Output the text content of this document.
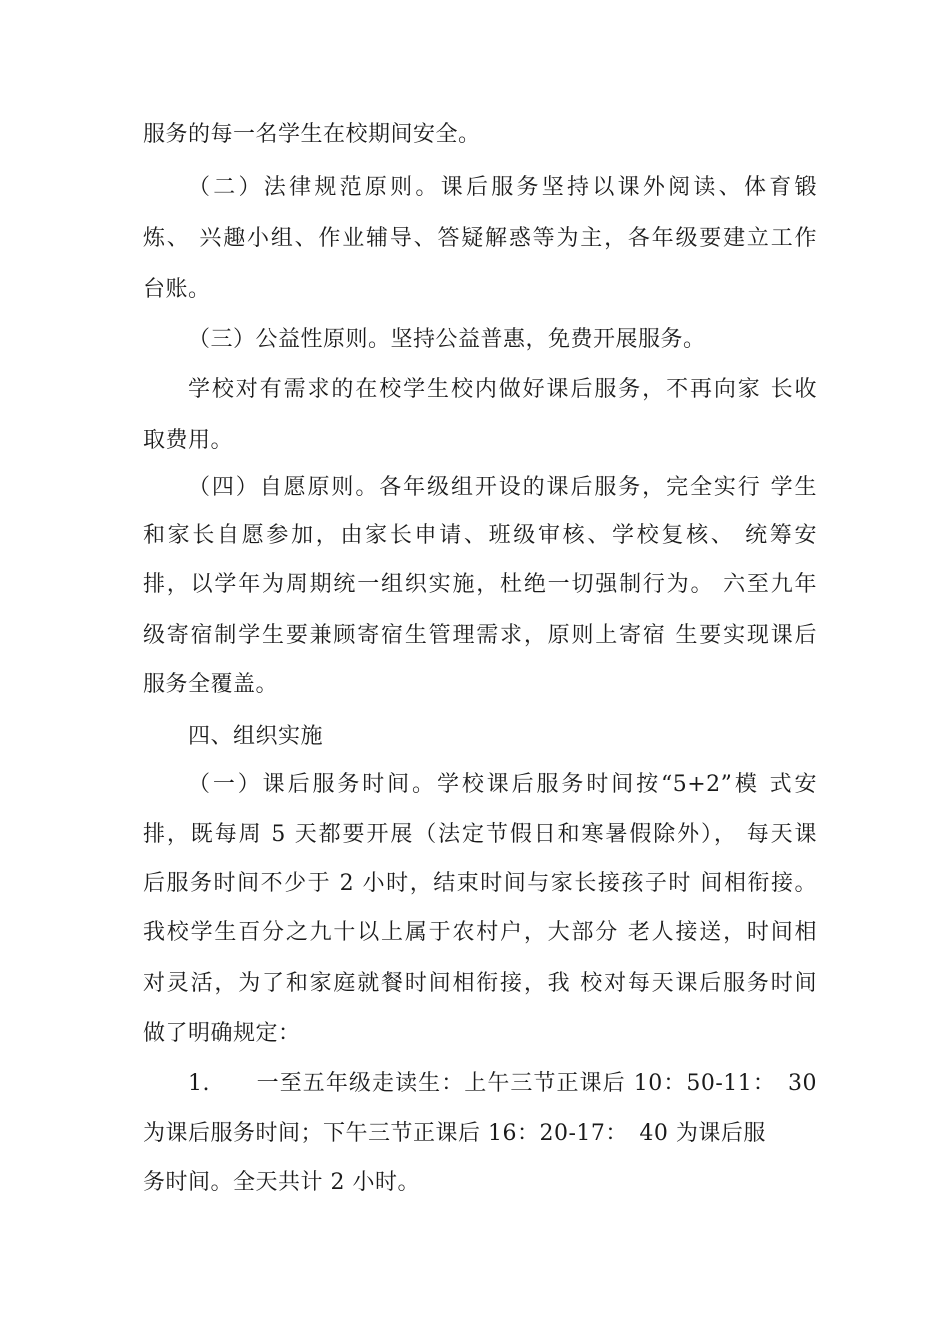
服务的每一名学生在校期间安全。
（二）法律规范原则。课后服务坚持以课外阅读、体育锻
炼、 兴趣小组、作业辅导、答疑解惑等为主，各年级要建立工作
台账。
（三）公益性原则。坚持公益普惠，免费开展服务。
学校对有需求的在校学生校内做好课后服务，不再向家 长收
取费用。
（四）自愿原则。各年级组开设的课后服务，完全实行 学生
和家长自愿参加，由家长申请、班级审核、学校复核、 统筹安
排，以学年为周期统一组织实施，杜绝一切强制行为。 六至九年
级寄宿制学生要兼顾寄宿生管理需求，原则上寄宿 生要实现课后
服务全覆盖。
四、组织实施
（一）课后服务时间。学校课后服务时间按“5+2”模 式安
排，既每周 5 天都要开展（法定节假日和寒暑假除外）， 每天课
后服务时间不少于 2 小时，结束时间与家长接孩子时 间相衔接。
我校学生百分之九十以上属于农村户，大部分 老人接送，时间相
对灵活，为了和家庭就餐时间相衔接，我 校对每天课后服务时间
做了明确规定：
1.　　一至五年级走读生：上午三节正课后 10：50-11：　30
为课后服务时间；下午三节正课后 16：20-17：　40 为课后服
务时间。全天共计 2 小时。
